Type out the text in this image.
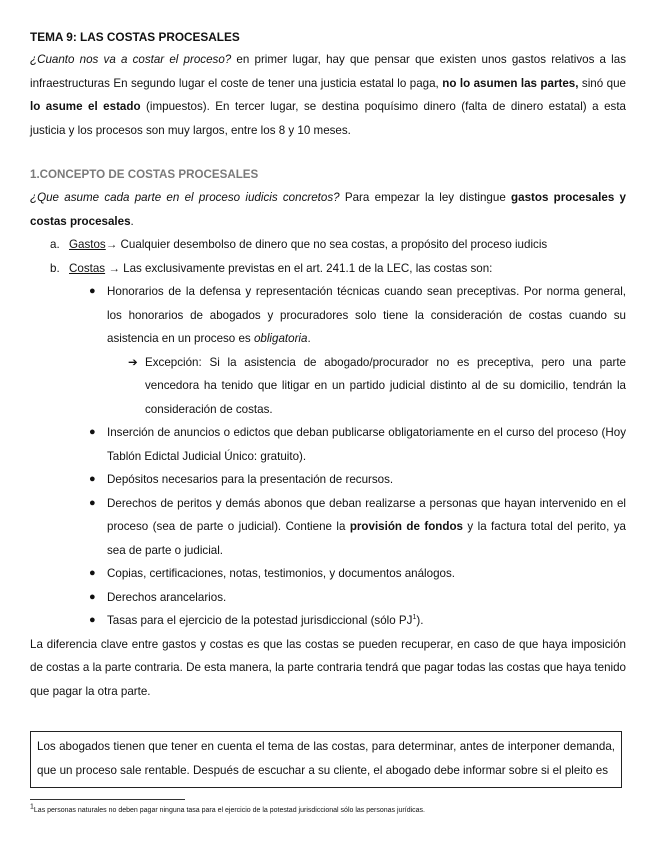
TEMA 9: LAS COSTAS PROCESALES

¿Cuanto nos va a costar el proceso? en primer lugar, hay que pensar que existen unos gastos relativos a las infraestructuras En segundo lugar el coste de tener una justicia estatal lo paga, no lo asumen las partes, sinó que lo asume el estado (impuestos). En tercer lugar, se destina poquísimo dinero (falta de dinero estatal) a esta justicia y los procesos son muy largos, entre los 8 y 10 meses.

1.CONCEPTO DE COSTAS PROCESALES

¿Que asume cada parte en el proceso iudicis concretos? Para empezar la ley distingue gastos procesales y costas procesales.

a. Gastos→ Cualquier desembolso de dinero que no sea costas, a propósito del proceso iudicis
b. Costas → Las exclusivamente previstas en el art. 241.1 de la LEC, las costas son:
● Honorarios de la defensa y representación técnicas cuando sean preceptivas. Por norma general, los honorarios de abogados y procuradores solo tiene la consideración de costas cuando su asistencia en un proceso es obligatoria.
➔ Excepción: Si la asistencia de abogado/procurador no es preceptiva, pero una parte vencedora ha tenido que litigar en un partido judicial distinto al de su domicilio, tendrán la consideración de costas.
● Inserción de anuncios o edictos que deban publicarse obligatoriamente en el curso del proceso (Hoy Tablón Edictal Judicial Único: gratuito).
● Depósitos necesarios para la presentación de recursos.
● Derechos de peritos y demás abonos que deban realizarse a personas que hayan intervenido en el proceso (sea de parte o judicial). Contiene la provisión de fondos y la factura total del perito, ya sea de parte o judicial.
● Copias, certificaciones, notas, testimonios, y documentos análogos.
● Derechos arancelarios.
● Tasas para el ejercicio de la potestad jurisdiccional (sólo $PJ^1$).

La diferencia clave entre gastos y costas es que las costas se pueden recuperar, en caso de que haya imposición de costas a la parte contraria. De esta manera, la parte contraria tendrá que pagar todas las costas que haya tenido que pagar la otra parte.

Los abogados tienen que tener en cuenta el tema de las costas, para determinar, antes de interponer demanda, que un proceso sale rentable. Después de escuchar a su cliente, el abogado debe informar sobre si el pleito es
$^1$Las personas naturales no deben pagar ninguna tasa para el ejercicio de la potestad jurisdiccional sólo las personas jurídicas.
